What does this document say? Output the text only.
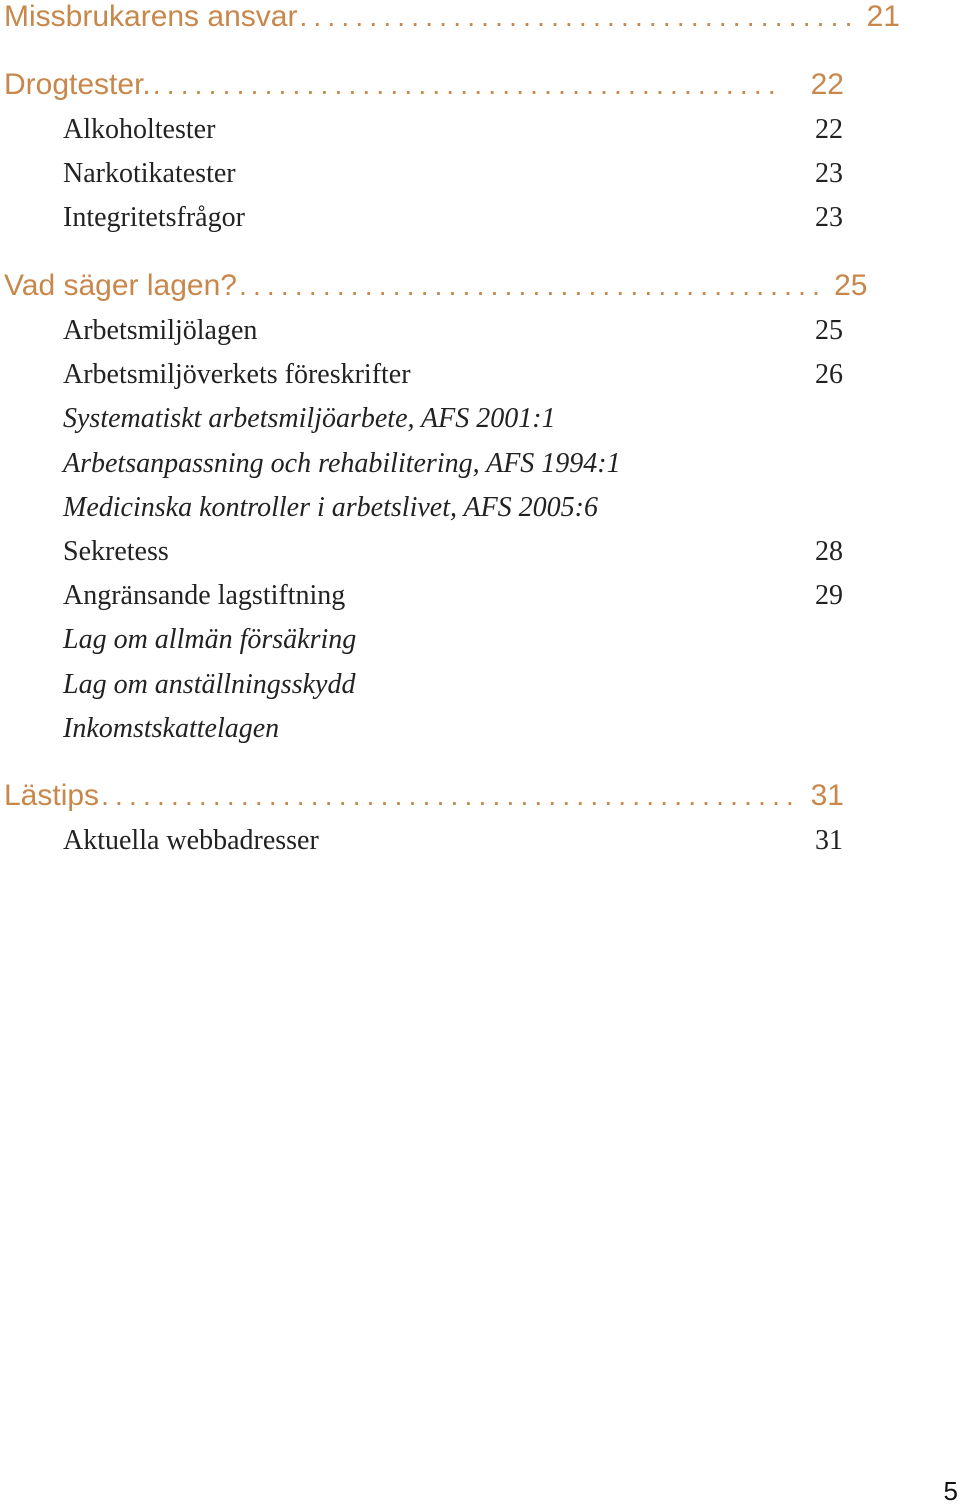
Missbrukarens ansvar ........................................ 21
Drogtester. ............................................. 22
Alkoholtester	22
Narkotikatester	23
Integritetsfrågor	23
Vad säger lagen? .......................................... 25
Arbetsmiljölagen	25
Arbetsmiljöverkets föreskrifter	26
Systematiskt arbetsmiljöarbete, AFS 2001:1
Arbetsanpassning och rehabilitering, AFS 1994:1
Medicinska kontroller i arbetslivet, AFS 2005:6
Sekretess	28
Angränsande lagstiftning	29
Lag om allmän försäkring
Lag om anställningsskydd
Inkomstskattelagen
Lästips .................................................. 31
Aktuella webbadresser	31
5
